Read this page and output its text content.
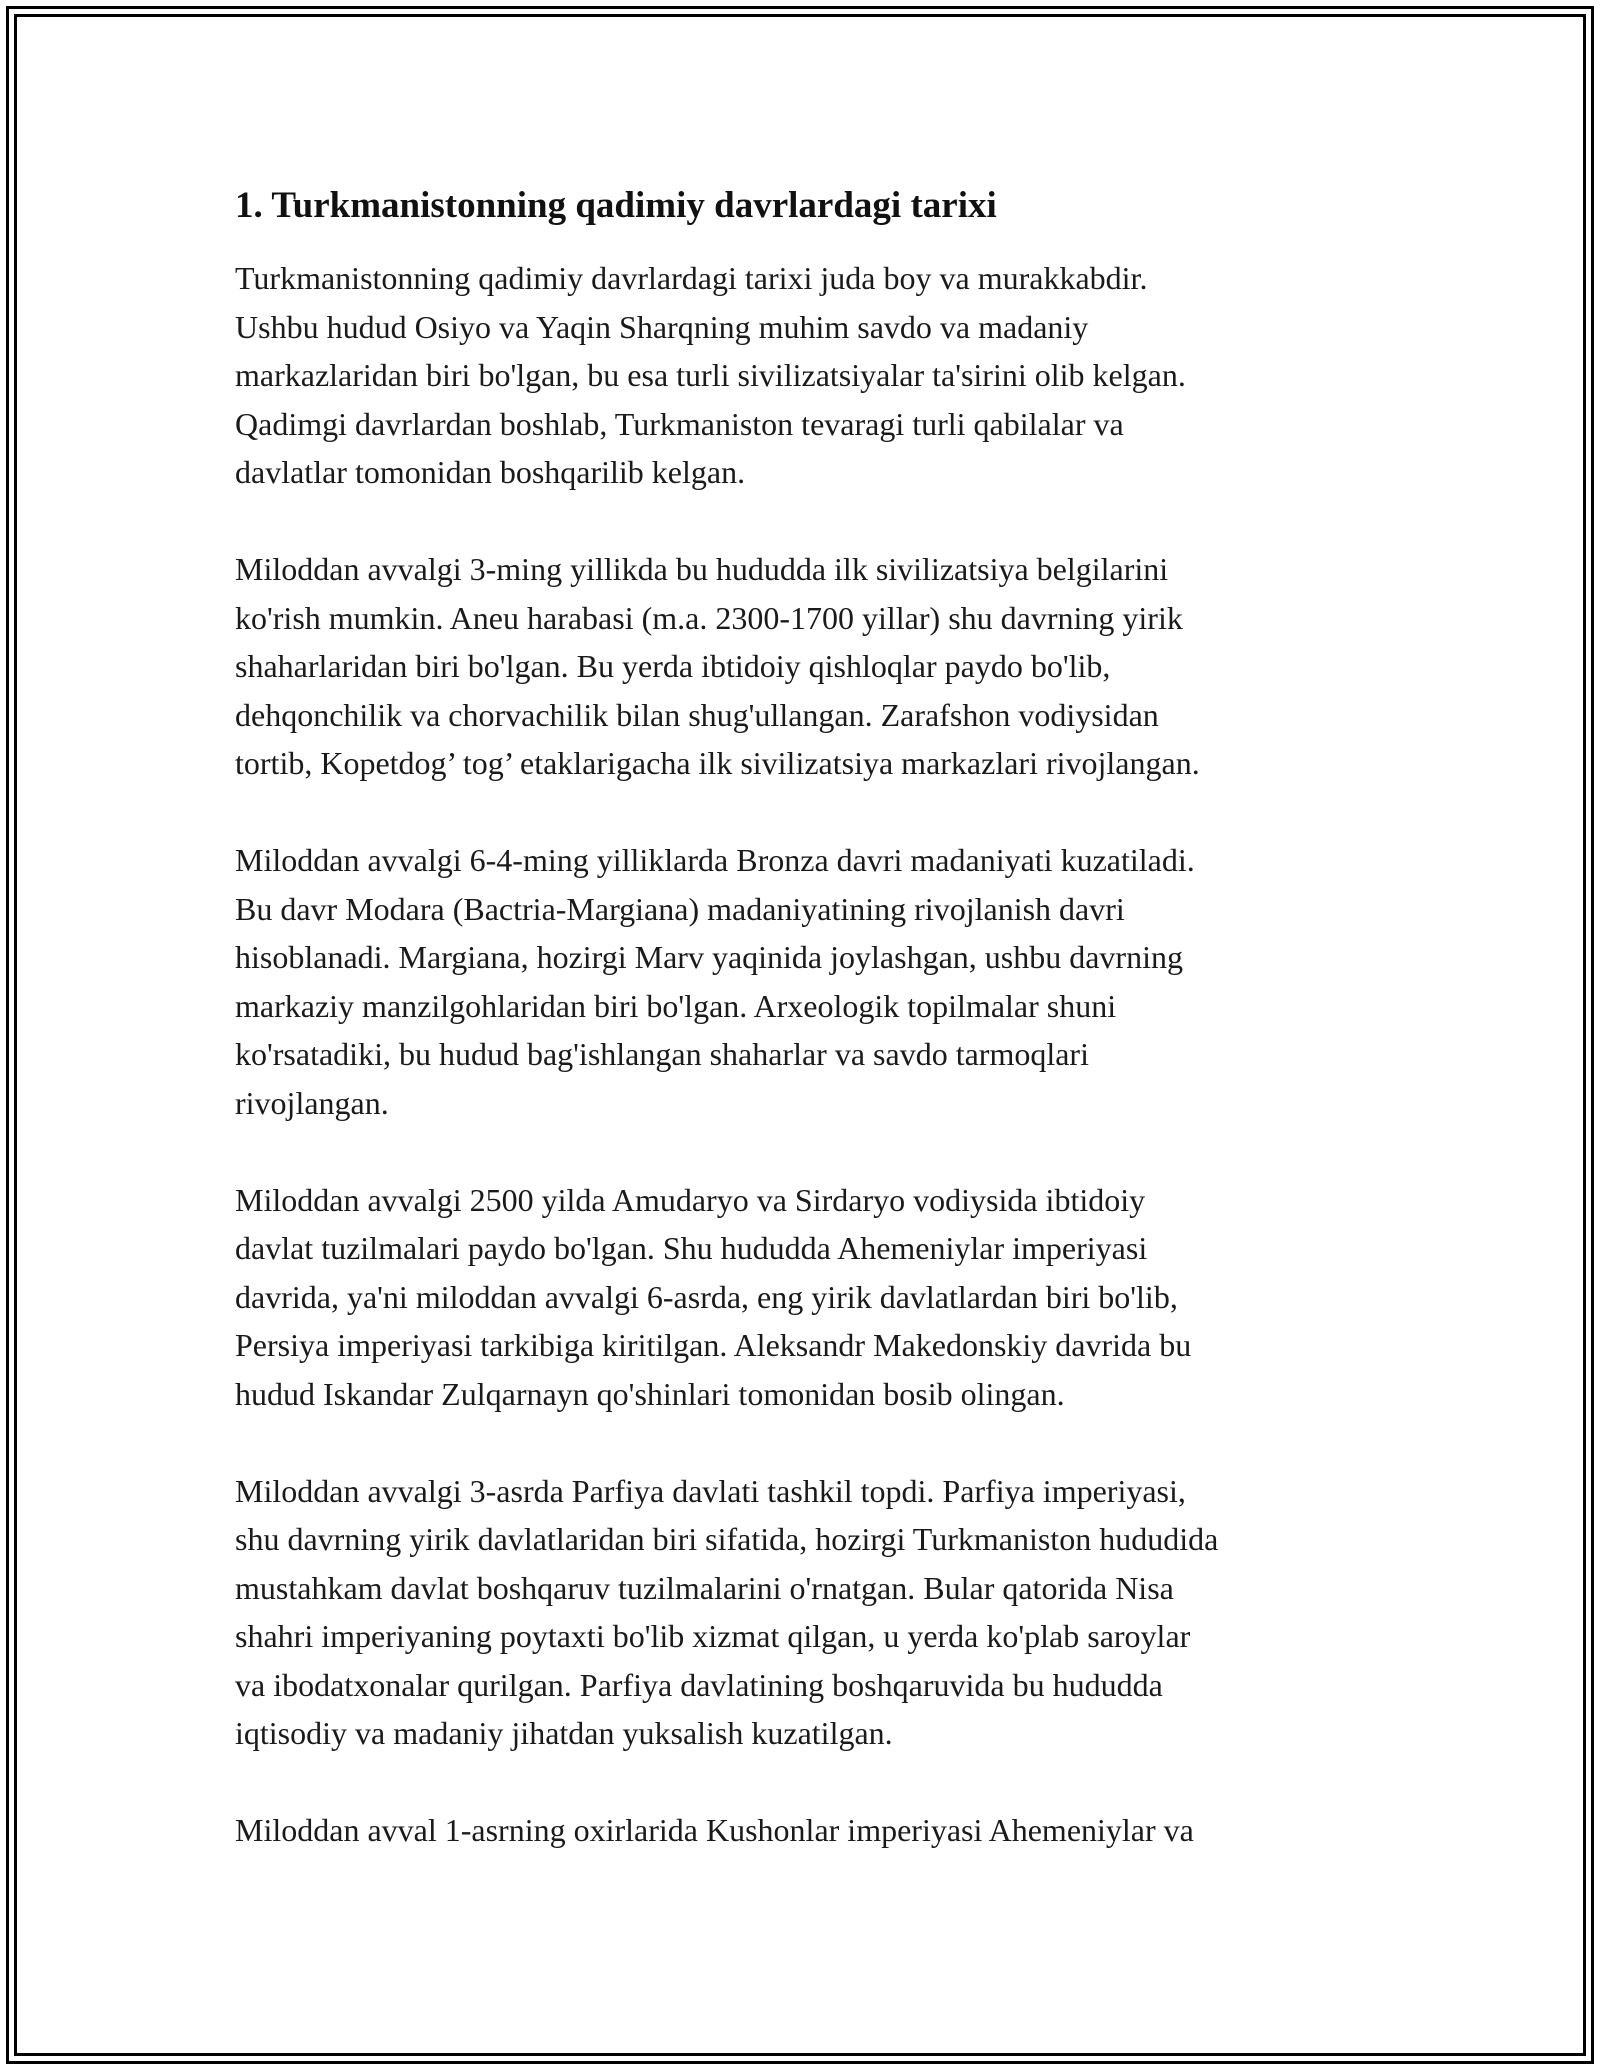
1. Turkmanistonning qadimiy davrlardagi tarixi

Turkmanistonning qadimiy davrlardagi tarixi juda boy va murakkabdir.
Ushbu hudud Osiyo va Yaqin Sharqning muhim savdo va madaniy
markazlaridan biri bo'lgan, bu esa turli sivilizatsiyalar ta'sirini olib kelgan.
Qadimgi davrlardan boshlab, Turkmaniston tevaragi turli qabilalar va
davlatlar tomonidan boshqarilib kelgan.

Miloddan avvalgi 3-ming yillikda bu hududda ilk sivilizatsiya belgilarini
ko'rish mumkin. Aneu harabasi (m.a. 2300-1700 yillar) shu davrning yirik
shaharlaridan biri bo'lgan. Bu yerda ibtidoiy qishloqlar paydo bo'lib,
dehqonchilik va chorvachilik bilan shug'ullangan. Zarafshon vodiysidan
tortib, Kopetdog’ tog’ etaklarigacha ilk sivilizatsiya markazlari rivojlangan.

Miloddan avvalgi 6-4-ming yilliklarda Bronza davri madaniyati kuzatiladi.
Bu davr Modara (Bactria-Margiana) madaniyatining rivojlanish davri
hisoblanadi. Margiana, hozirgi Marv yaqinida joylashgan, ushbu davrning
markaziy manzilgohlaridan biri bo'lgan. Arxeologik topilmalar shuni
ko'rsatadiki, bu hudud bag'ishlangan shaharlar va savdo tarmoqlari
rivojlangan.

Miloddan avvalgi 2500 yilda Amudaryo va Sirdaryo vodiysida ibtidoiy
davlat tuzilmalari paydo bo'lgan. Shu hududda Ahemeniylar imperiyasi
davrida, ya'ni miloddan avvalgi 6-asrda, eng yirik davlatlardan biri bo'lib,
Persiya imperiyasi tarkibiga kiritilgan. Aleksandr Makedonskiy davrida bu
hudud Iskandar Zulqarnayn qo'shinlari tomonidan bosib olingan.

Miloddan avvalgi 3-asrda Parfiya davlati tashkil topdi. Parfiya imperiyasi,
shu davrning yirik davlatlaridan biri sifatida, hozirgi Turkmaniston hududida
mustahkam davlat boshqaruv tuzilmalarini o'rnatgan. Bular qatorida Nisa
shahri imperiyaning poytaxti bo'lib xizmat qilgan, u yerda ko'plab saroylar
va ibodatxonalar qurilgan. Parfiya davlatining boshqaruvida bu hududda
iqtisodiy va madaniy jihatdan yuksalish kuzatilgan.

Miloddan avval 1-asrning oxirlarida Kushonlar imperiyasi Ahemeniylar va
